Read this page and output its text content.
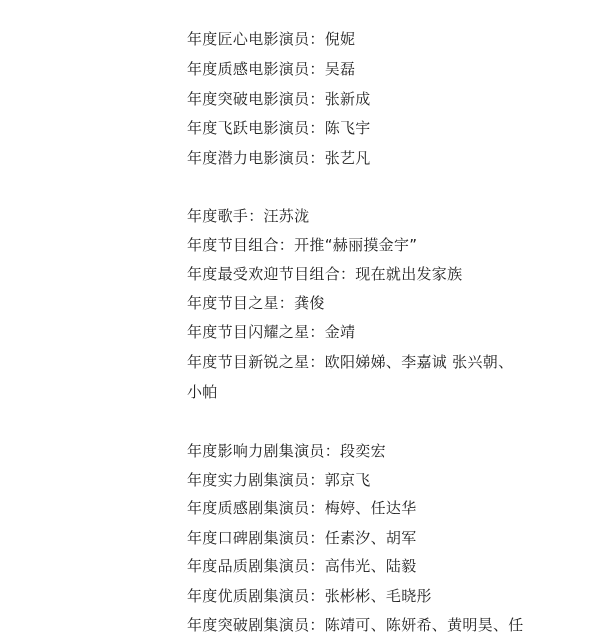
年度匠心电影演员：倪妮
年度质感电影演员：吴磊
年度突破电影演员：张新成
年度飞跃电影演员：陈飞宇
年度潜力电影演员：张艺凡
年度歌手：汪苏泷
年度节目组合：开推“赫丽摸金宇”
年度最受欢迎节目组合：现在就出发家族
年度节目之星：龚俊
年度节目闪耀之星：金靖
年度节目新锐之星：欧阳娣娣、李嘉诚 张兴朝、
小帕
年度影响力剧集演员：段奕宏
年度实力剧集演员：郭京飞
年度质感剧集演员：梅婷、任达华
年度口碑剧集演员：任素汐、胡军
年度品质剧集演员：高伟光、陆毅
年度优质剧集演员：张彬彬、毛晓彤
年度突破剧集演员：陈靖可、陈妍希、黄明昊、任
